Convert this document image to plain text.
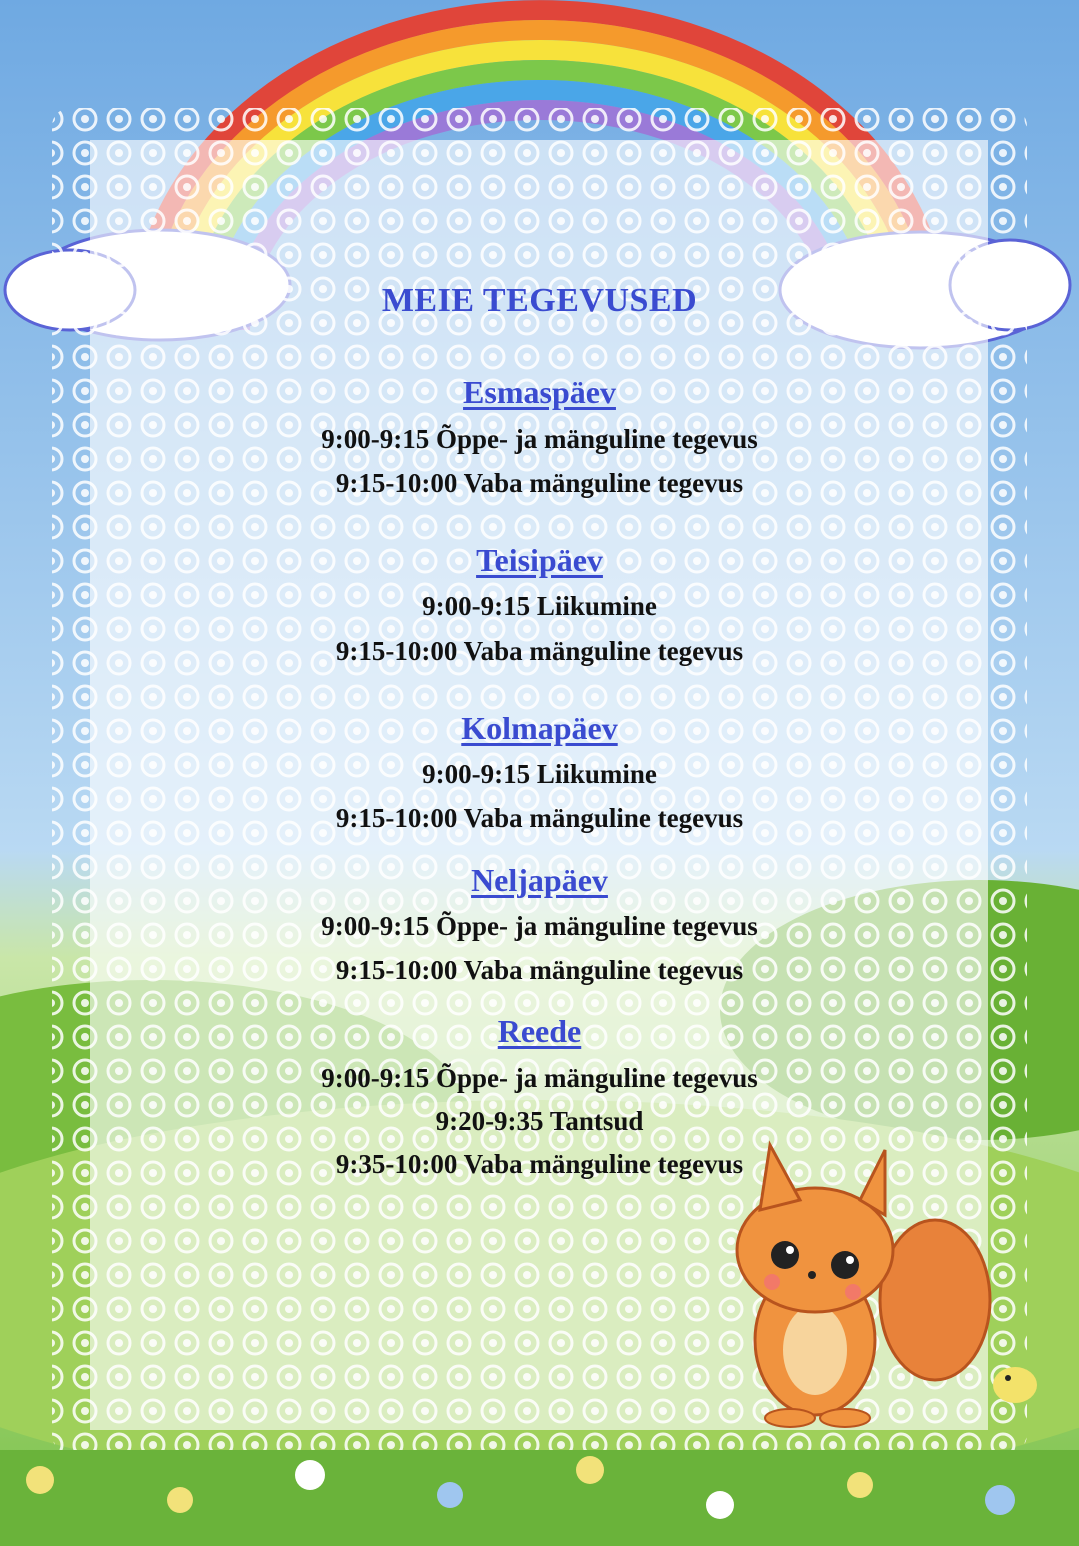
MEIE TEGEVUSED
Esmaspäev
9:00-9:15 Õppe- ja mänguline tegevus
9:15-10:00 Vaba mänguline tegevus
Teisipäev
9:00-9:15 Liikumine
9:15-10:00 Vaba mänguline tegevus
Kolmapäev
9:00-9:15 Liikumine
9:15-10:00 Vaba mänguline tegevus
Neljapäev
9:00-9:15 Õppe- ja mänguline tegevus
9:15-10:00 Vaba mänguline tegevus
Reede
9:00-9:15 Õppe- ja mänguline tegevus
9:20-9:35 Tantsud
9:35-10:00 Vaba mänguline tegevus
